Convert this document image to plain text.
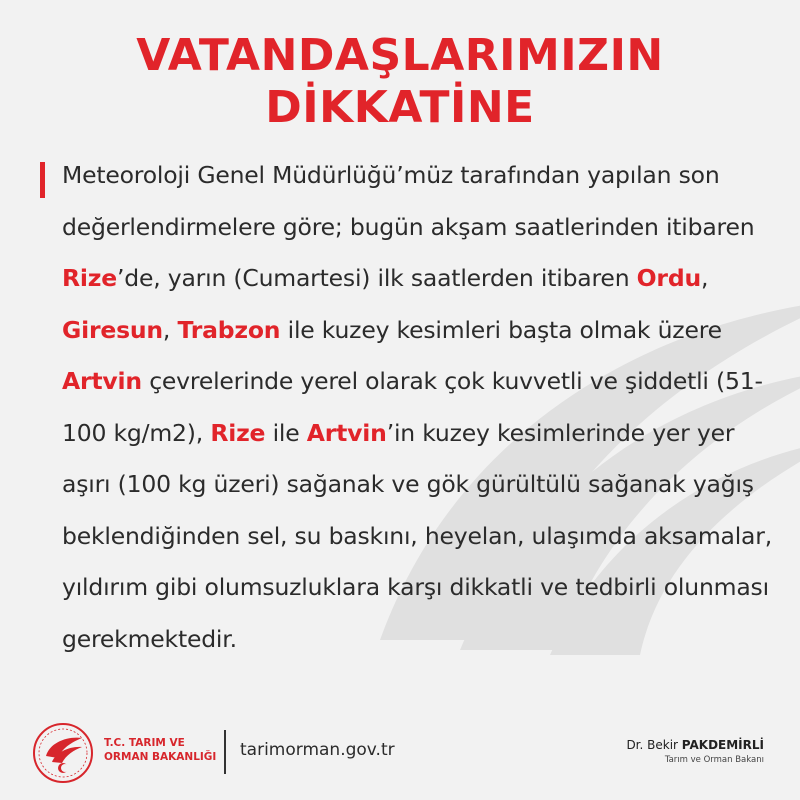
VATANDAŞLARIMIZIN
DİKKATİNE

Meteoroloji Genel Müdürlüğü’müz tarafından yapılan son değerlendirmelere göre; bugün akşam saatlerinden itibaren Rize’de, yarın (Cumartesi) ilk saatlerden itibaren Ordu, Giresun, Trabzon ile kuzey kesimleri başta olmak üzere Artvin çevrelerinde yerel olarak çok kuvvetli ve şiddetli (51-100 kg/m2), Rize ile Artvin’in kuzey kesimlerinde yer yer aşırı (100 kg üzeri) sağanak ve gök gürültülü sağanak yağış beklendiğinden sel, su baskını, heyelan, ulaşımda aksamalar, yıldırım gibi olumsuzluklara karşı dikkatli ve tedbirli olunması gerekmektedir.

T.C. TARIM VE
ORMAN BAKANLIĞI tarimorman.gov.tr	Dr. Bekir PAKDEMİRLİ
Tarım ve Orman Bakanı
